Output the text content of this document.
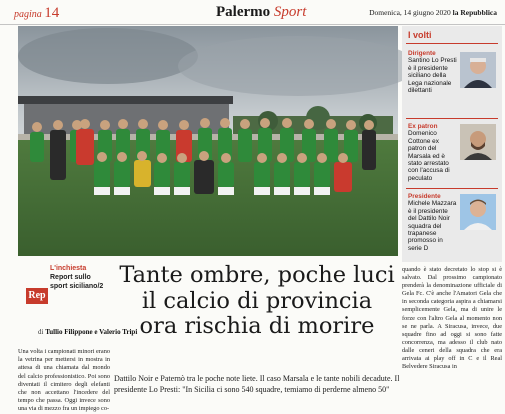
pagina 14	Palermo Sport	Domenica, 14 giugno 2020 la Repubblica
I volti
Dirigente
Santino Lo Presti è il presidente siciliano della Lega nazionale dilettanti
Ex patron
Domenico Cottone ex patron del Marsala ed è stato arrestato con l'accusa di peculato
Presidente
Michele Mazzara è il presidente del Dattilo Noir squadra del trapanese promosso in serie D
Rep
L'inchiesta
Report sullo sport siciliano/2 Tante ombre, poche luci
il calcio di provincia
ora rischia di morire
di Tullio Filippone e Valerio Tripi
Una volta i campionati minori erano la vetrina per mettersi in mostra in attesa di una chiamata dal mondo del calcio professionistico. Poi sono diventati il cimitero degli elefanti che non accettano l'incedere del tempo che passa. Oggi invece sono una via di mezzo fra un impiego co-
Dattilo Noir e Paternò tra le poche note liete. Il caso Marsala e le tante nobili decadute. Il presidente Lo Presti: "In Sicilia ci sono 540 squadre, temiamo di perderne almeno 50"
quando è stato decretato lo stop si è salvato. Dal prossimo campionato prenderà la denominazione ufficiale di Gela Fc. C'è anche l'Amatori Gela che in seconda categoria aspira a chiamarsi semplicemente Gela, ma di unire le forze con l'altro Gela al momento non se ne parla. A Siracusa, invece, due squadre fino ad oggi si sono fatte concorrenza, ma adesso il club nato dalle ceneri della squadra che era arrivata ai play off in C e il Real Belvedere Siracusa in
